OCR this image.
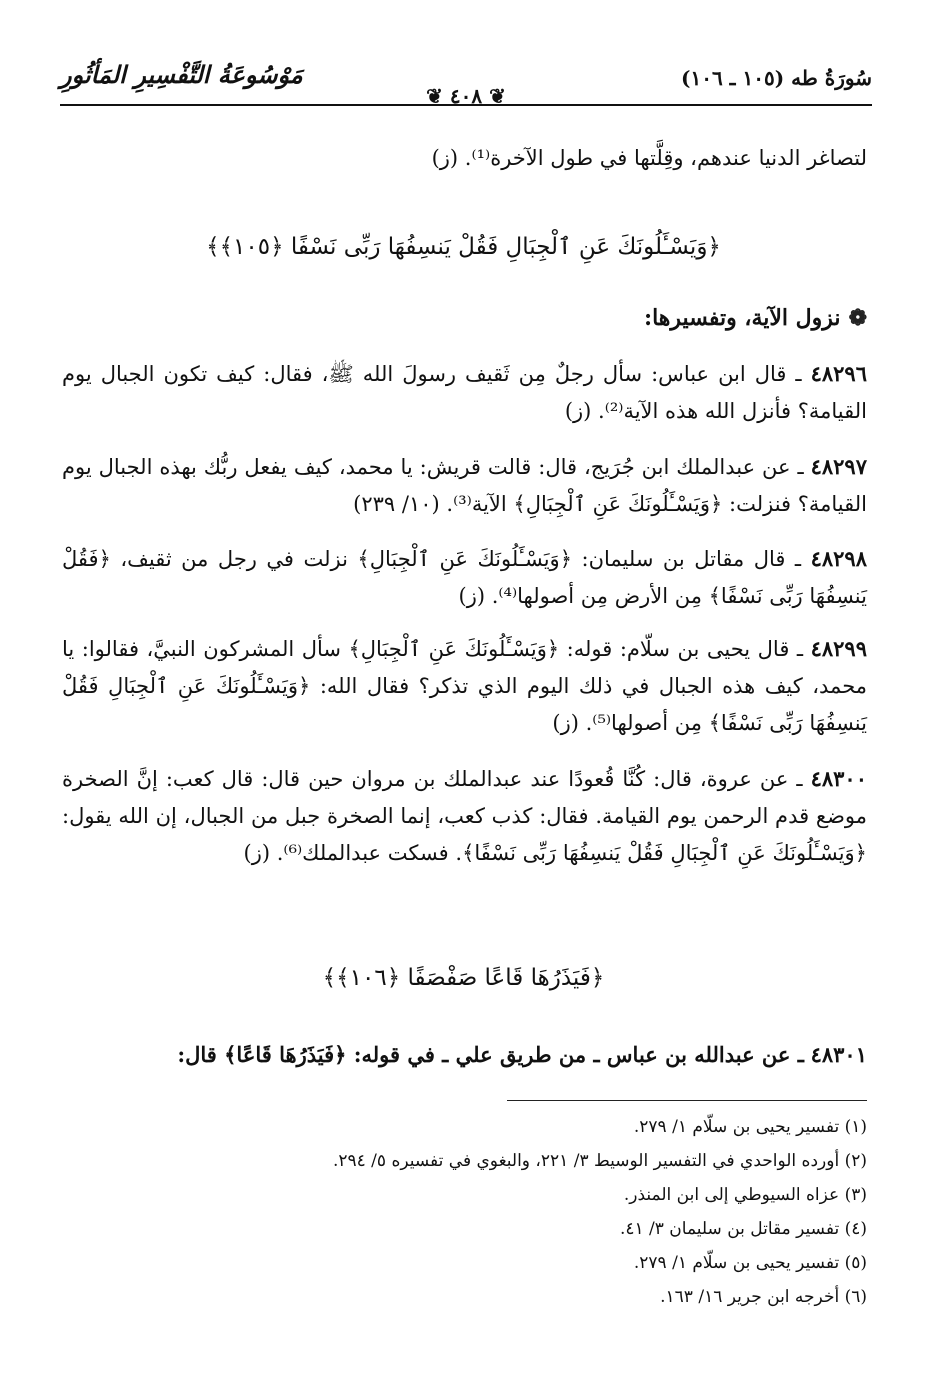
سُورَةُ طه (١٠٥ ـ ١٠٦)
❦ ٤٠٨ ❦
مَوْسُوعَةُ التَّفْسِيرِ المَأثُورِ
لتصاغر الدنيا عندهم، وقِلَّتها في طول الآخرة⁽¹⁾. (ز)
﴿وَيَسْـَٔلُونَكَ عَنِ ٱلْجِبَالِ فَقُلْ يَنسِفُهَا رَبِّى نَسْفًا ﴿١٠٥﴾﴾
❁نزول الآية، وتفسيرها:
٤٨٢٩٦ ـ قال ابن عباس: سأل رجلٌ مِن ثَقيف رسولَ الله ﷺ، فقال: كيف تكون الجبال يوم القيامة؟ فأنزل الله هذه الآية⁽²⁾. (ز)
٤٨٢٩٧ ـ عن عبدالملك ابن جُرَيج، قال: قالت قريش: يا محمد، كيف يفعل ربُّك بهذه الجبال يوم القيامة؟ فنزلت: ﴿وَيَسْـَٔلُونَكَ عَنِ ٱلْجِبَالِ﴾ الآية⁽³⁾. (١٠/ ٢٣٩)
٤٨٢٩٨ ـ قال مقاتل بن سليمان: ﴿وَيَسْـَٔلُونَكَ عَنِ ٱلْجِبَالِ﴾ نزلت في رجل من ثقيف، ﴿فَقُلْ يَنسِفُهَا رَبِّى نَسْفًا﴾ مِن الأرض مِن أصولها⁽⁴⁾. (ز)
٤٨٢٩٩ ـ قال يحيى بن سلّام: قوله: ﴿وَيَسْـَٔلُونَكَ عَنِ ٱلْجِبَالِ﴾ سأل المشركون النبيَّ، فقالوا: يا محمد، كيف هذه الجبال في ذلك اليوم الذي تذكر؟ فقال الله: ﴿وَيَسْـَٔلُونَكَ عَنِ ٱلْجِبَالِ فَقُلْ يَنسِفُهَا رَبِّى نَسْفًا﴾ مِن أصولها⁽⁵⁾. (ز)
٤٨٣٠٠ ـ عن عروة، قال: كُنَّا قُعودًا عند عبدالملك بن مروان حين قال: قال كعب: إنَّ الصخرة موضع قدم الرحمن يوم القيامة. فقال: كذب كعب، إنما الصخرة جبل من الجبال، إن الله يقول: ﴿وَيَسْـَٔلُونَكَ عَنِ ٱلْجِبَالِ فَقُلْ يَنسِفُهَا رَبِّى نَسْفًا﴾. فسكت عبدالملك⁽⁶⁾. (ز)
﴿فَيَذَرُهَا قَاعًا صَفْصَفًا ﴿١٠٦﴾﴾
٤٨٣٠١ ـ عن عبدالله بن عباس ـ من طريق علي ـ في قوله: ﴿فَيَذَرُهَا قَاعًا﴾ قال:
(١) تفسير يحيى بن سلّام ١/ ٢٧٩.
(٢) أورده الواحدي في التفسير الوسيط ٣/ ٢٢١، والبغوي في تفسيره ٥/ ٢٩٤.
(٣) عزاه السيوطي إلى ابن المنذر.
(٤) تفسير مقاتل بن سليمان ٣/ ٤١.
(٥) تفسير يحيى بن سلّام ١/ ٢٧٩.
(٦) أخرجه ابن جرير ١٦/ ١٦٣.
